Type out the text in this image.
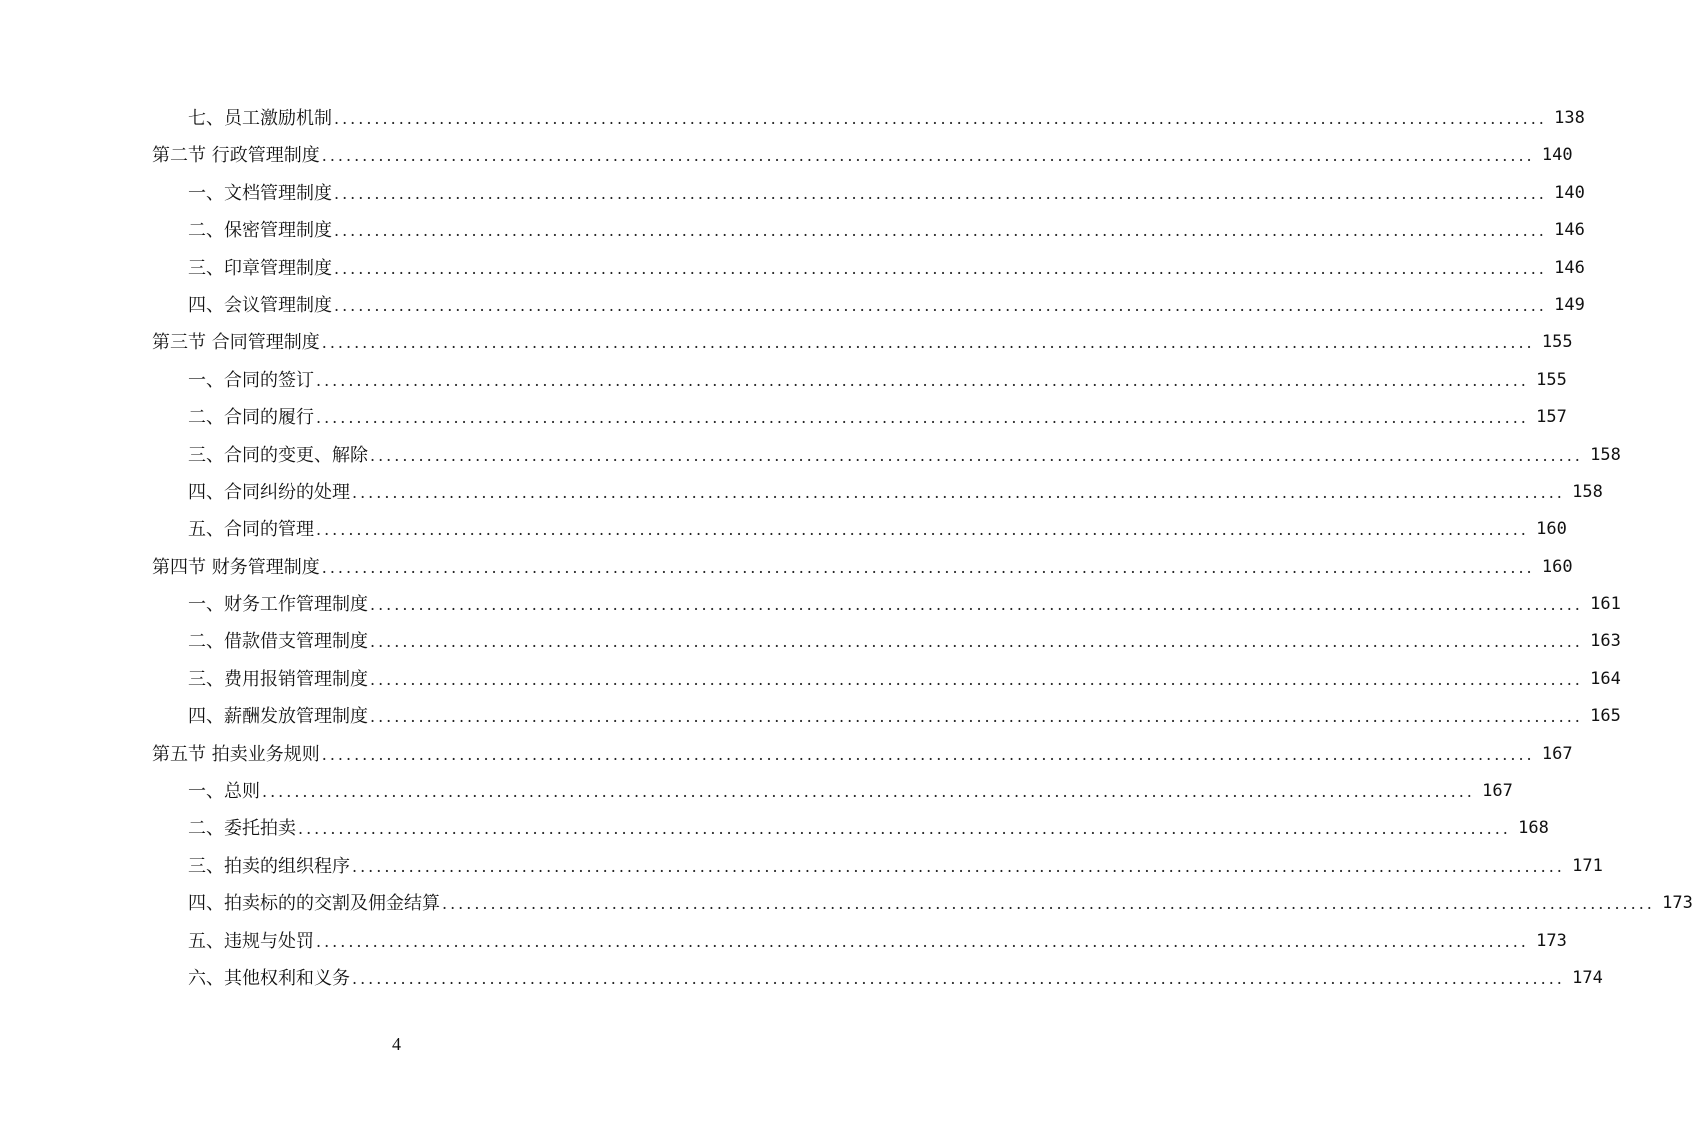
七、员工激励机制 ...................................................................................................................................................... 138
第二节 行政管理制度 ...................................................................................................................................................... 140
一、文档管理制度 ...................................................................................................................................................... 140
二、保密管理制度 ...................................................................................................................................................... 146
三、印章管理制度 ...................................................................................................................................................... 146
四、会议管理制度 ...................................................................................................................................................... 149
第三节 合同管理制度 ...................................................................................................................................................... 155
一、合同的签订 ...................................................................................................................................................... 155
二、合同的履行 ...................................................................................................................................................... 157
三、合同的变更、解除 ...................................................................................................................................................... 158
四、合同纠纷的处理 ...................................................................................................................................................... 158
五、合同的管理 ...................................................................................................................................................... 160
第四节 财务管理制度 ...................................................................................................................................................... 160
一、财务工作管理制度 ...................................................................................................................................................... 161
二、借款借支管理制度 ...................................................................................................................................................... 163
三、费用报销管理制度 ...................................................................................................................................................... 164
四、薪酬发放管理制度 ...................................................................................................................................................... 165
第五节 拍卖业务规则 ...................................................................................................................................................... 167
一、总则 ...................................................................................................................................................... 167
二、委托拍卖 ...................................................................................................................................................... 168
三、拍卖的组织程序 ...................................................................................................................................................... 171
四、拍卖标的的交割及佣金结算 ...................................................................................................................................................... 173
五、违规与处罚 ...................................................................................................................................................... 173
六、其他权利和义务 ...................................................................................................................................................... 174
4
